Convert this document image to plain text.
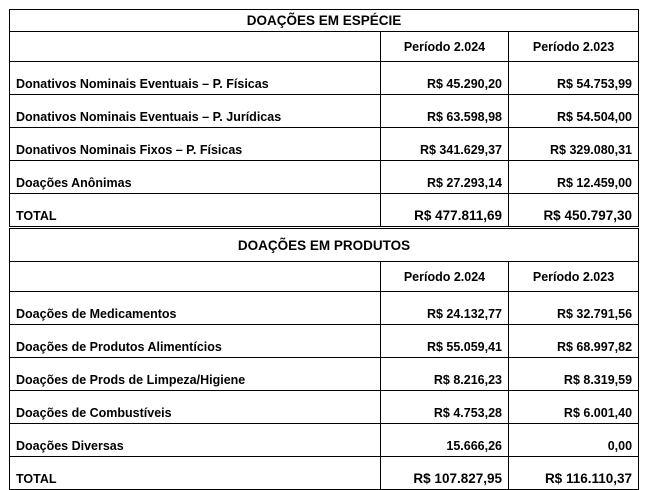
DOAÇÕES EM ESPÉCIE		
	Período 2.024	Período 2.023
Donativos Nominais Eventuais – P. Físicas	R$ 45.290,20	R$ 54.753,99
Donativos Nominais Eventuais – P. Jurídicas	R$ 63.598,98	R$ 54.504,00
Donativos Nominais Fixos – P. Físicas	R$ 341.629,37	R$ 329.080,31
Doações Anônimas	R$ 27.293,14	R$ 12.459,00
TOTAL	R$ 477.811,69	R$ 450.797,30
DOAÇÕES EM PRODUTOS		
	Período 2.024	Período 2.023
Doações de Medicamentos	R$ 24.132,77	R$ 32.791,56
Doações de Produtos Alimentícios	R$ 55.059,41	R$ 68.997,82
Doações de Prods de Limpeza/Higiene	R$ 8.216,23	R$ 8.319,59
Doações de Combustíveis	R$ 4.753,28	R$ 6.001,40
Doações Diversas	15.666,26	0,00
TOTAL	R$ 107.827,95	R$ 116.110,37
